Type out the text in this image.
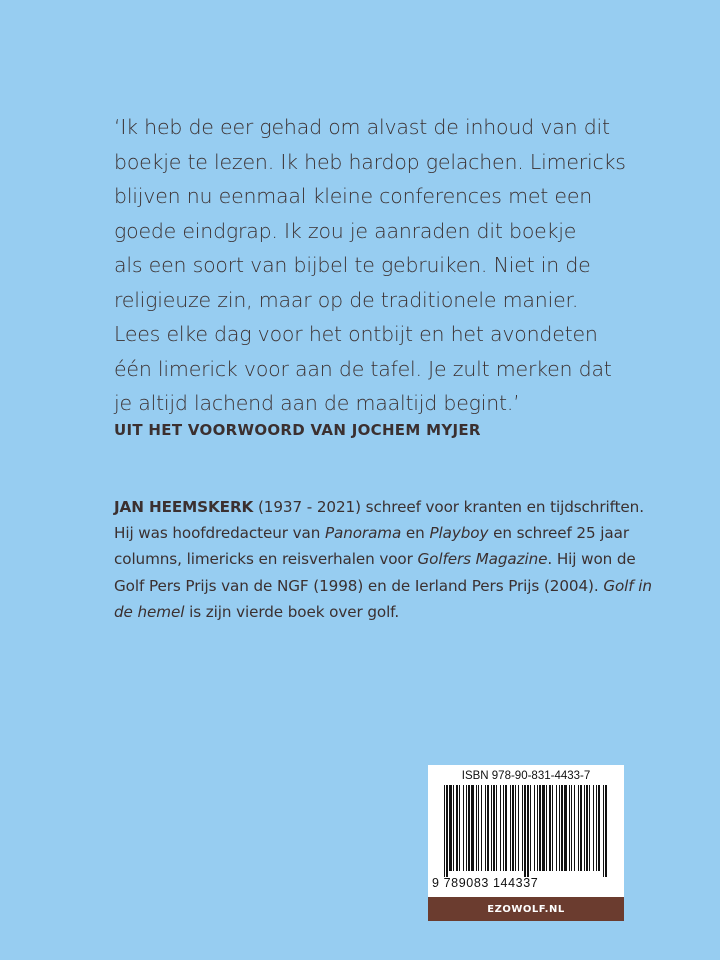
‘Ik heb de eer gehad om alvast de inhoud van dit
boekje te lezen. Ik heb hardop gelachen. Limericks
blijven nu eenmaal kleine conferences met een
goede eindgrap. Ik zou je aanraden dit boekje
als een soort van bijbel te gebruiken. Niet in de
religieuze zin, maar op de traditionele manier.
Lees elke dag voor het ontbijt en het avondeten
één limerick voor aan de tafel. Je zult merken dat
je altijd lachend aan de maaltijd begint.’

UIT HET VOORWOORD VAN JOCHEM MYJER

JAN HEEMSKERK (1937 - 2021) schreef voor kranten en tijdschriften. Hij was hoofdredacteur van Panorama en Playboy en schreef 25 jaar columns, limericks en reisverhalen voor Golfers Magazine. Hij won de Golf Pers Prijs van de NGF (1998) en de Ierland Pers Prijs (2004). Golf in de hemel is zijn vierde boek over golf.

ISBN 978-90-831-4433-7
9 789083 144337
EZOWOLF.NL
